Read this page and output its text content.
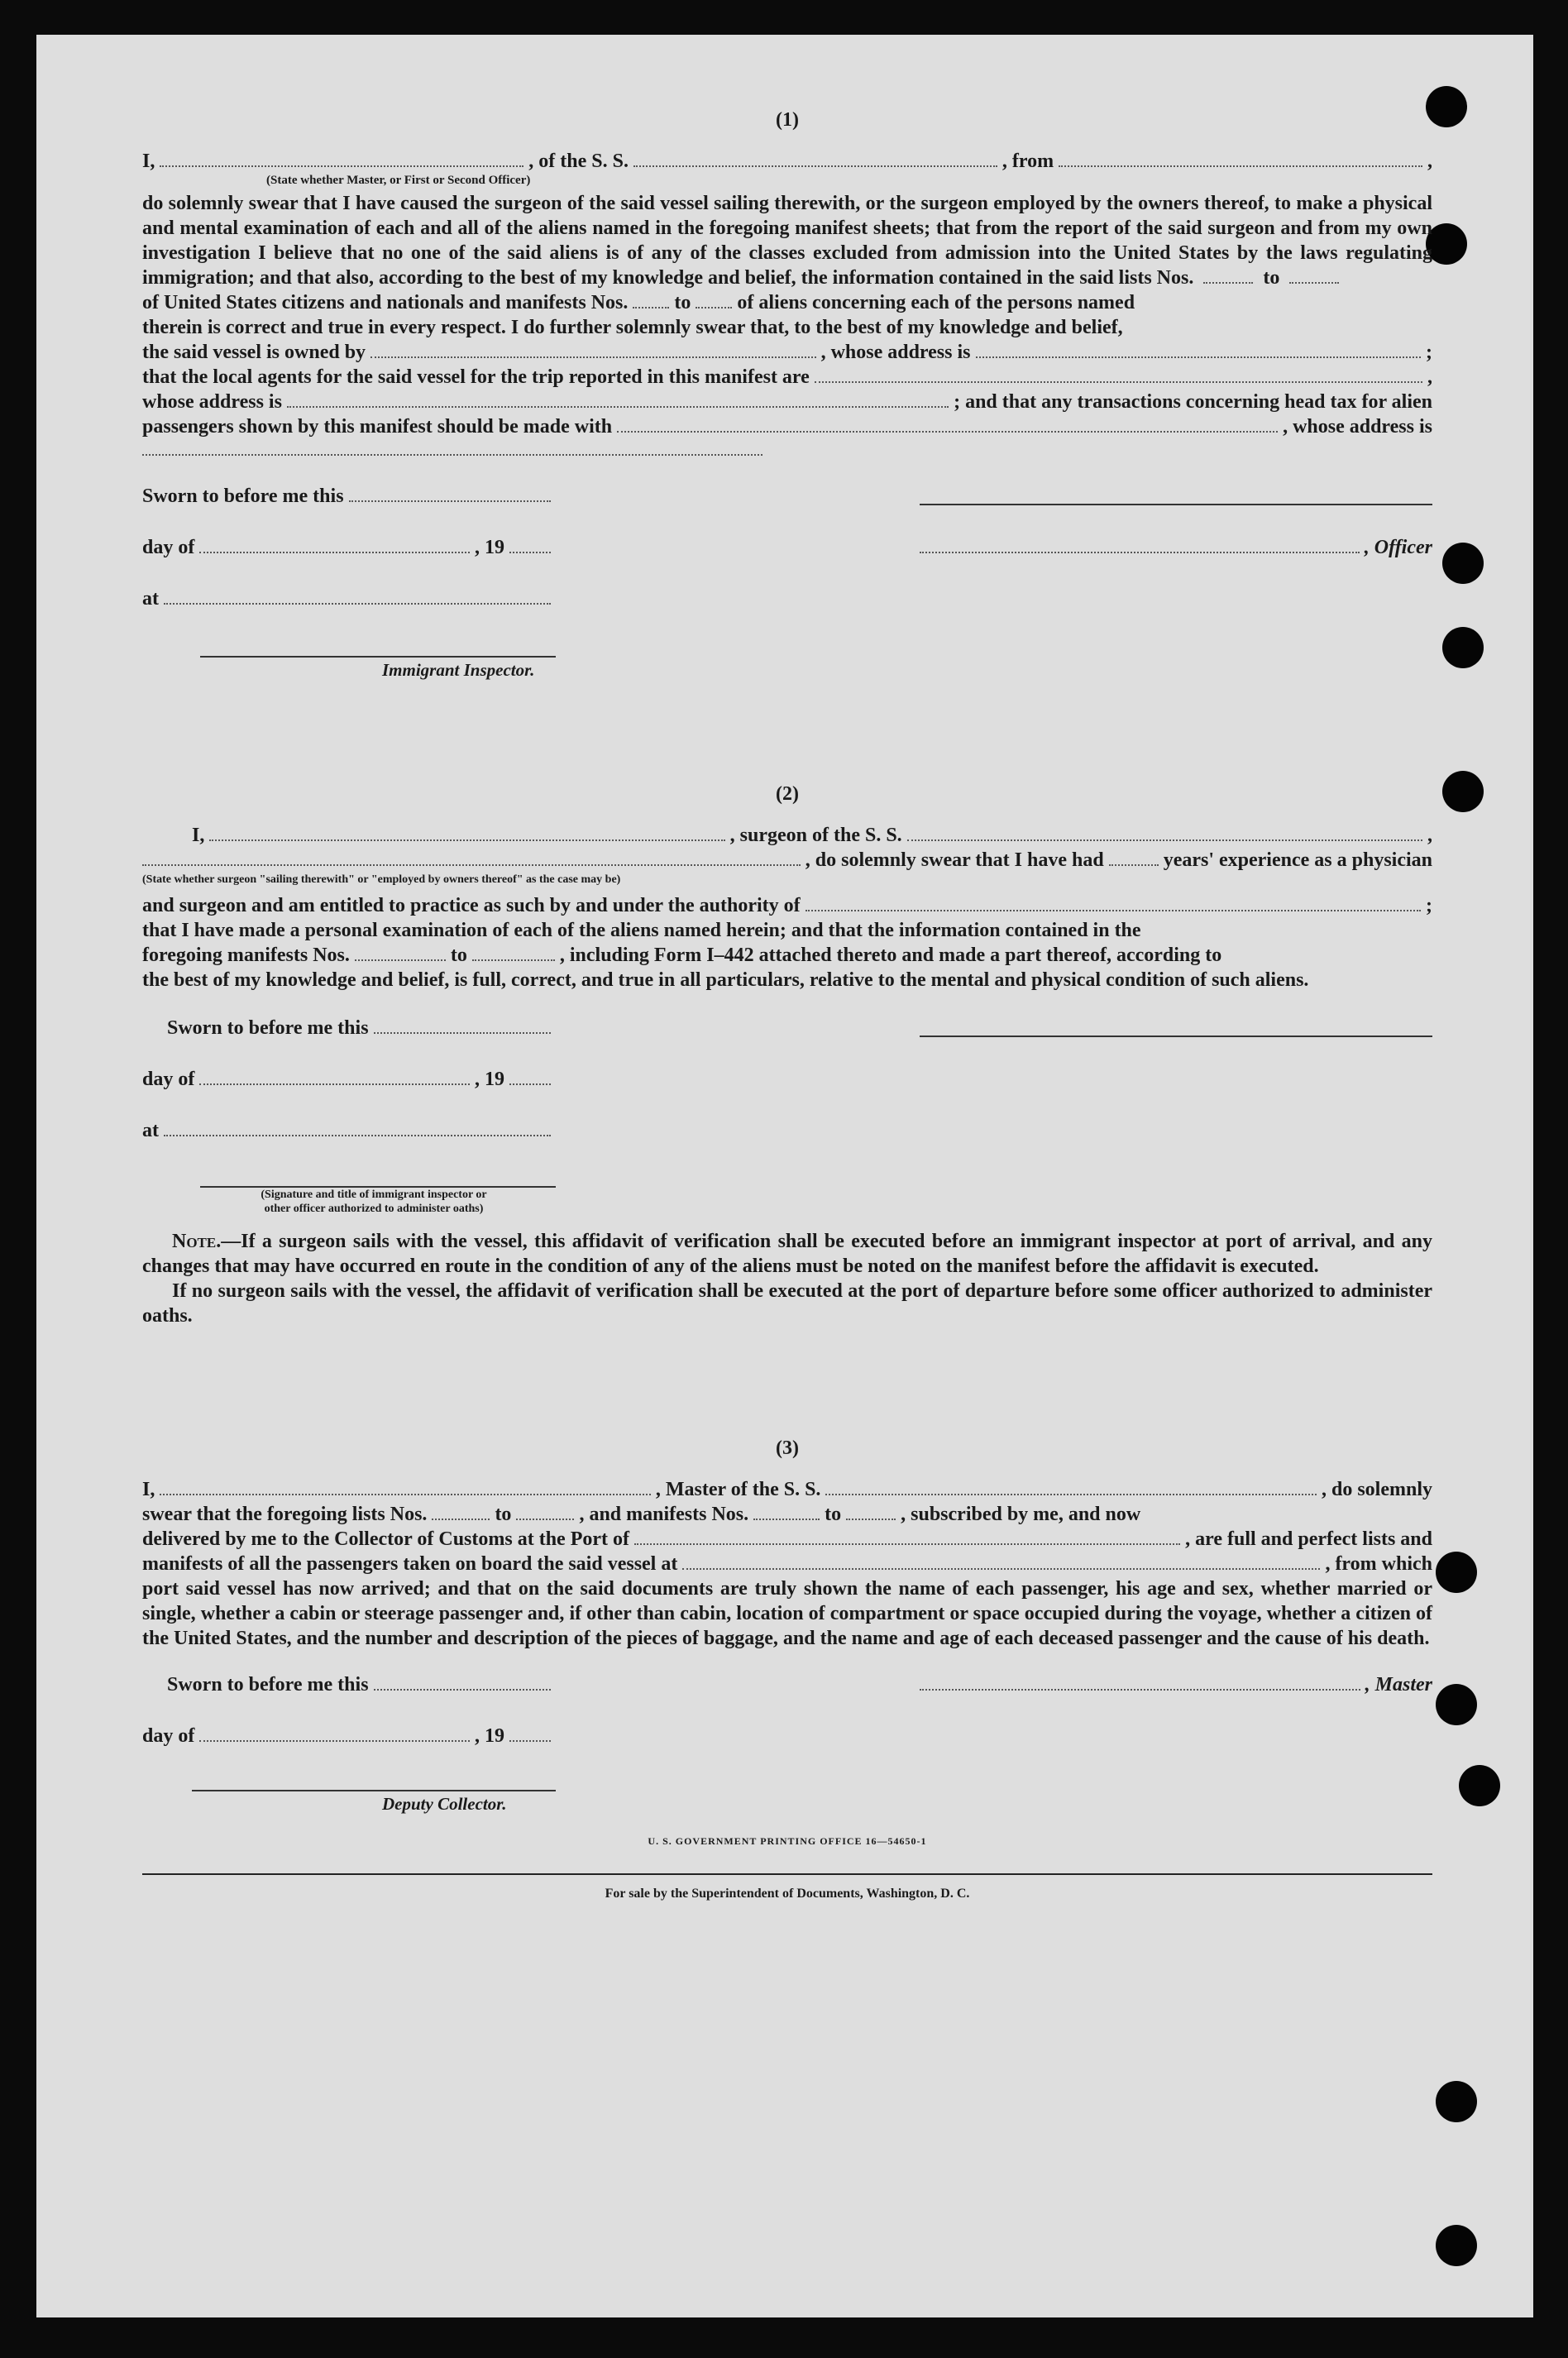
(1)
I,	, of the S. S.	, from	,
(State whether Master, or First or Second Officer)

do solemnly swear that I have caused the surgeon of the said vessel sailing therewith, or the surgeon employed by the owners thereof, to make a physical and mental examination of each and all of the aliens named in the foregoing manifest sheets; that from the report of the said surgeon and from my own investigation I believe that no one of the said aliens is of any of the classes excluded from admission into the United States by the laws regulating immigration; and that also, according to the best of my knowledge and belief, the information contained in the said lists Nos.	to

of United States citizens and nationals and manifests Nos. to of aliens concerning each of the persons named
therein is correct and true in every respect. I do further solemnly swear that, to the best of my knowledge and belief,
the said vessel is owned by	, whose address is	;
that the local agents for the said vessel for the trip reported in this manifest are	,
whose address is	; and that any transactions concerning head tax for alien
passengers shown by this manifest should be made with	, whose address is
Sworn to before me this
day of	, 19
at
Immigrant Inspector.
, Officer
(2)
I,	, surgeon of the S. S.	,
, do solemnly swear that I have had	years' experience as a physician
(State whether surgeon "sailing therewith" or "employed by owners thereof" as the case may be)
and surgeon and am entitled to practice as such by and under the authority of	;
that I have made a personal examination of each of the aliens named herein; and that the information contained in the
foregoing manifests Nos.	to	, including Form I–442 attached thereto and made a part thereof, according to

the best of my knowledge and belief, is full, correct, and true in all particulars, relative to the mental and physical condition of such aliens.

Sworn to before me this
day of	, 19
at
(Signature and title of immigrant inspector or other officer authorized to administer oaths)

Note.—If a surgeon sails with the vessel, this affidavit of verification shall be executed before an immigrant inspector at port of arrival, and any changes that may have occurred en route in the condition of any of the aliens must be noted on the manifest before the affidavit is executed.

If no surgeon sails with the vessel, the affidavit of verification shall be executed at the port of departure before some officer authorized to administer oaths.

(3)
I,	, Master of the S. S.	, do solemnly
swear that the foregoing lists Nos.	to	, and manifests Nos.	to	, subscribed by me, and now
delivered by me to the Collector of Customs at the Port of	, are full and perfect lists and
manifests of all the passengers taken on board the said vessel at	, from which

port said vessel has now arrived; and that on the said documents are truly shown the name of each passenger, his age and sex, whether married or single, whether a cabin or steerage passenger and, if other than cabin, location of compartment or space occupied during the voyage, whether a citizen of the United States, and the number and description of the pieces of baggage, and the name and age of each deceased passenger and the cause of his death.

Sworn to before me this
day of	, 19
Deputy Collector.
, Master
U. S. GOVERNMENT PRINTING OFFICE 16—54650-1
For sale by the Superintendent of Documents, Washington, D. C.
